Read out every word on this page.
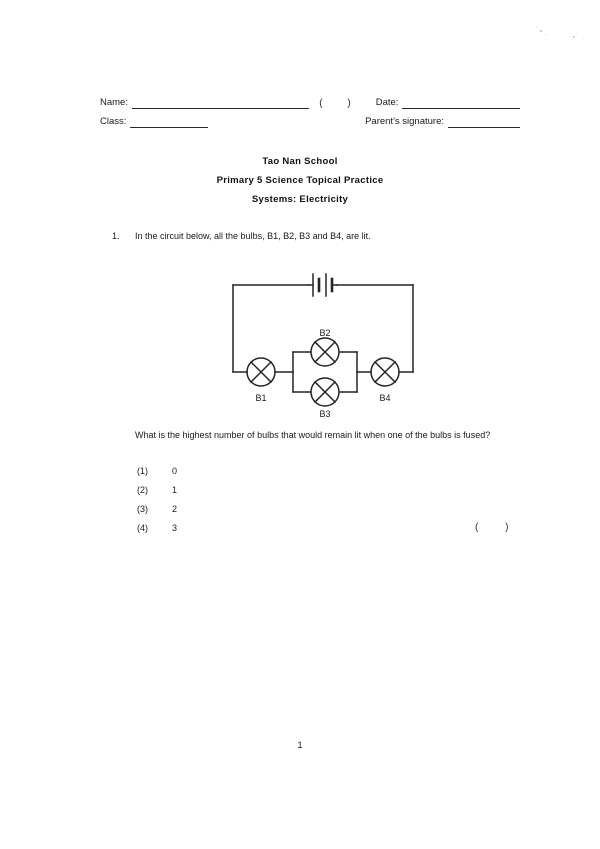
Name:	( ) Date:
Class:	Parent's signature:
Tao Nan School
Primary 5 Science Topical Practice
Systems: Electricity
1. In the circuit below, all the bulbs, B1, B2, B3 and B4, are lit.
B1
B2
B3
B4
What is the highest number of bulbs that would remain lit when one of the bulbs is fused?
(1)	0
(2)	1
(3)	2
(4)	3	( )
1
